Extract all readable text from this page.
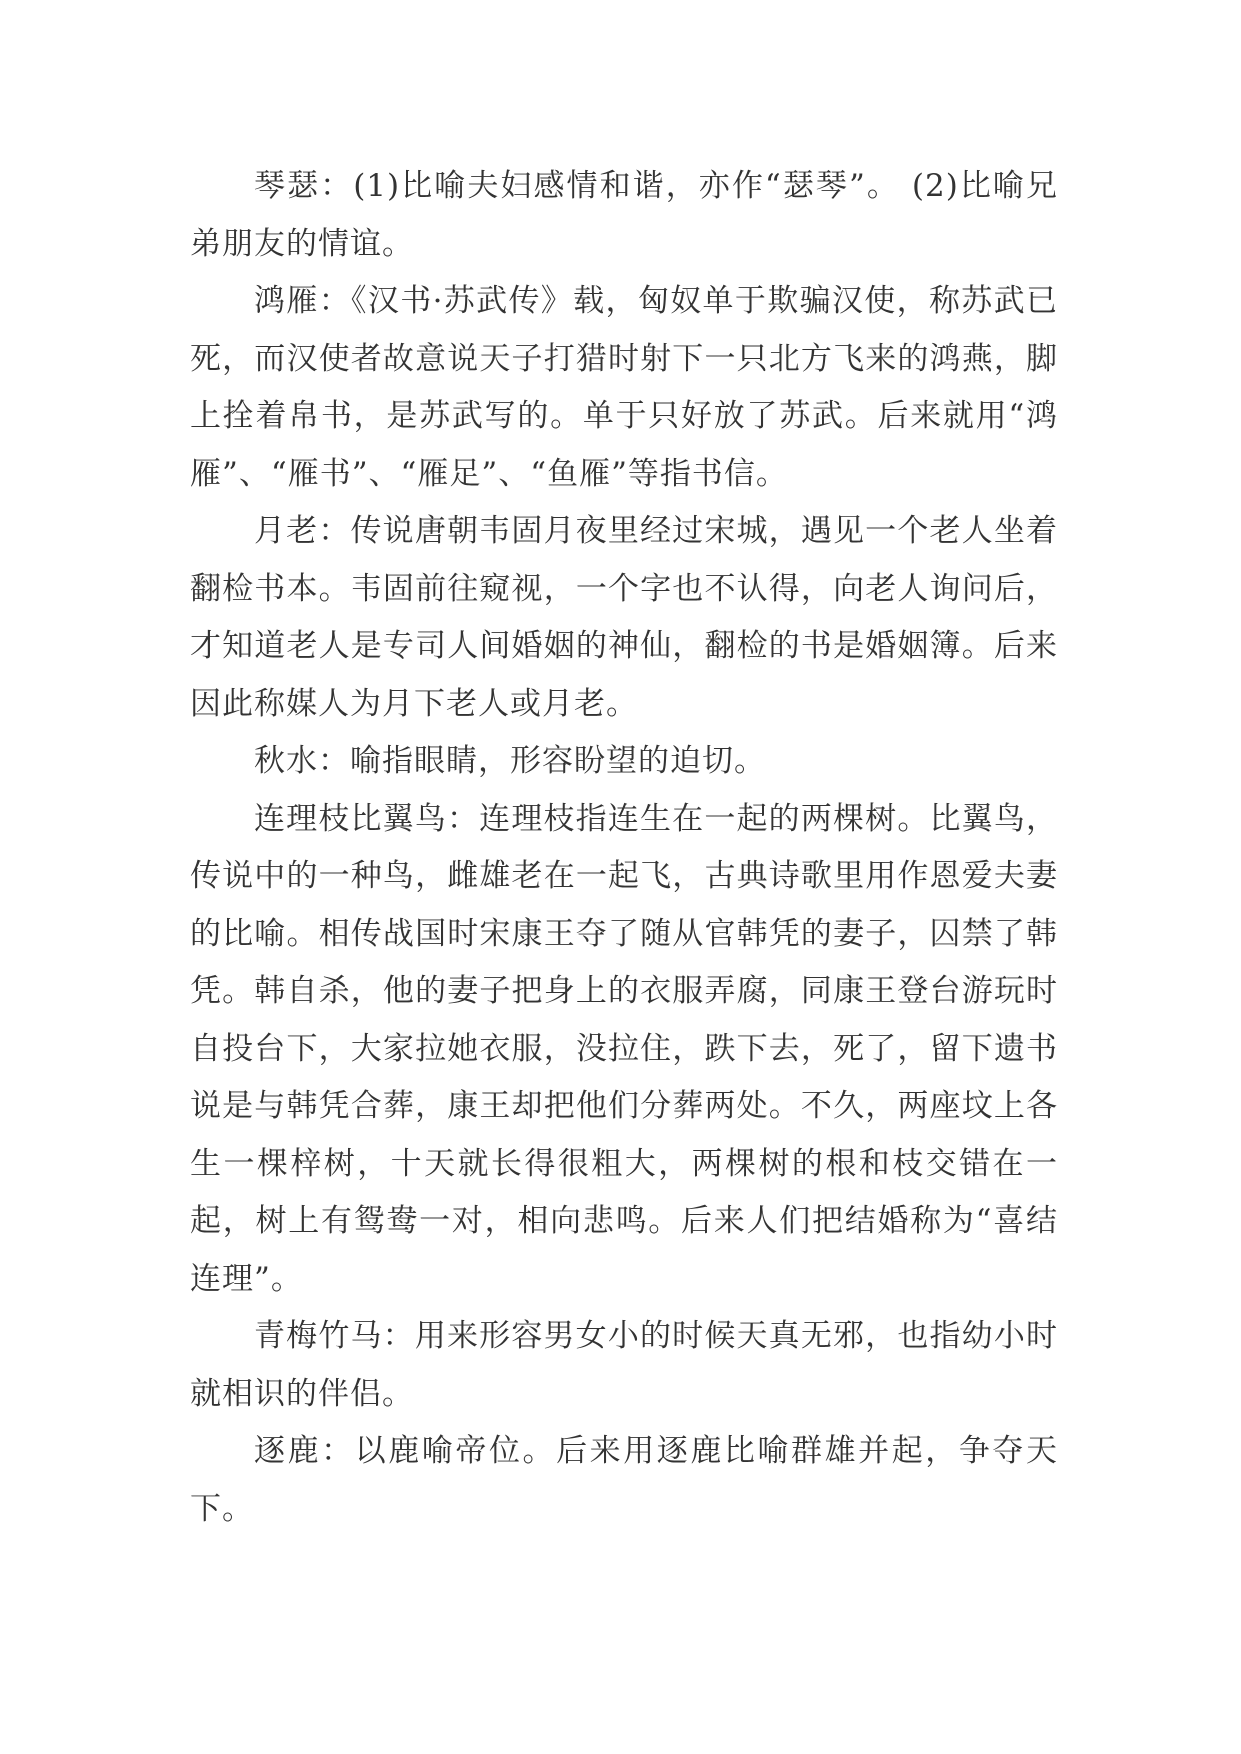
琴瑟：(1)比喻夫妇感情和谐，亦作“瑟琴”。 (2)比喻兄弟朋友的情谊。

鸿雁：《汉书·苏武传》载，匈奴单于欺骗汉使，称苏武已死，而汉使者故意说天子打猎时射下一只北方飞来的鸿燕，脚上拴着帛书，是苏武写的。单于只好放了苏武。后来就用“鸿雁”、“雁书”、“雁足”、“鱼雁”等指书信。

月老：传说唐朝韦固月夜里经过宋城，遇见一个老人坐着翻检书本。韦固前往窥视，一个字也不认得，向老人询问后，才知道老人是专司人间婚姻的神仙，翻检的书是婚姻簿。后来因此称媒人为月下老人或月老。

秋水：喻指眼睛，形容盼望的迫切。

连理枝比翼鸟：连理枝指连生在一起的两棵树。比翼鸟，传说中的一种鸟，雌雄老在一起飞，古典诗歌里用作恩爱夫妻的比喻。相传战国时宋康王夺了随从官韩凭的妻子，囚禁了韩凭。韩自杀，他的妻子把身上的衣服弄腐，同康王登台游玩时自投台下，大家拉她衣服，没拉住，跌下去，死了，留下遗书说是与韩凭合葬，康王却把他们分葬两处。不久，两座坟上各生一棵梓树，十天就长得很粗大，两棵树的根和枝交错在一起，树上有鸳鸯一对，相向悲鸣。后来人们把结婚称为“喜结连理”。

青梅竹马：用来形容男女小的时候天真无邪，也指幼小时就相识的伴侣。

逐鹿：以鹿喻帝位。后来用逐鹿比喻群雄并起，争夺天下。
